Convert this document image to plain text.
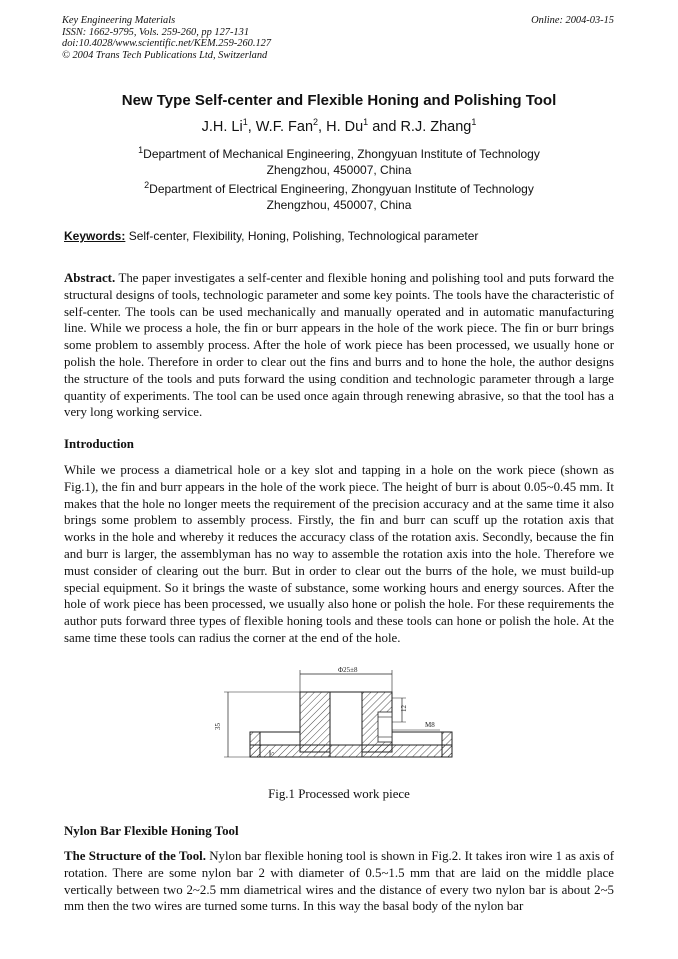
Key Engineering Materials
ISSN: 1662-9795, Vols. 259-260, pp 127-131
doi:10.4028/www.scientific.net/KEM.259-260.127
© 2004 Trans Tech Publications Ltd, Switzerland
Online: 2004-03-15
New Type Self-center and Flexible Honing and Polishing Tool
J.H. Li$^1$, W.F. Fan$^2$, H. Du$^1$ and R.J. Zhang$^1$
$^1$Department of Mechanical Engineering, Zhongyuan Institute of Technology
Zhengzhou, 450007, China
$^2$Department of Electrical Engineering, Zhongyuan Institute of Technology
Zhengzhou, 450007, China
Keywords: Self-center, Flexibility, Honing, Polishing, Technological parameter
Abstract. The paper investigates a self-center and flexible honing and polishing tool and puts forward the structural designs of tools, technologic parameter and some key points. The tools have the characteristic of self-center. The tools can be used mechanically and manually operated and in automatic manufacturing line. While we process a hole, the fin or burr appears in the hole of the work piece. The fin or burr brings some problem to assembly process. After the hole of work piece has been processed, we usually hone or polish the hole. Therefore in order to clear out the fins and burrs and to hone the hole, the author designs the structure of the tools and puts forward the using condition and technologic parameter through a large quantity of experiments. The tool can be used once again through renewing abrasive, so that the tool has a very long working service.
Introduction
While we process a diametrical hole or a key slot and tapping in a hole on the work piece (shown as Fig.1), the fin and burr appears in the hole of the work piece. The height of burr is about 0.05~0.45 mm. It makes that the hole no longer meets the requirement of the precision accuracy and at the same time it also brings some problem to assembly process. Firstly, the fin and burr can scuff up the rotation axis that works in the hole and whereby it reduces the accuracy class of the rotation axis. Secondly, because the fin and burr is larger, the assemblyman has no way to assemble the rotation axis into the hole. Therefore we must consider of clearing out the burr. But in order to clear out the burrs of the hole, we must build-up special equipment. So it brings the waste of substance, some working hours and energy sources. After the hole of work piece has been processed, we usually also hone or polish the hole. For these requirements the author puts forward three types of flexible honing tools and these tools can hone or polish the hole. At the same time these tools can radius the corner at the end of the hole.
Φ25±8
35
12
M8
5
Fig.1 Processed work piece
Nylon Bar Flexible Honing Tool
The Structure of the Tool. Nylon bar flexible honing tool is shown in Fig.2. It takes iron wire 1 as axis of rotation. There are some nylon bar 2 with diameter of 0.5~1.5 mm that are laid on the middle place vertically between two 2~2.5 mm diametrical wires and the distance of every two nylon bar is about 2~5 mm then the two wires are turned some turns. In this way the basal body of the nylon bar
